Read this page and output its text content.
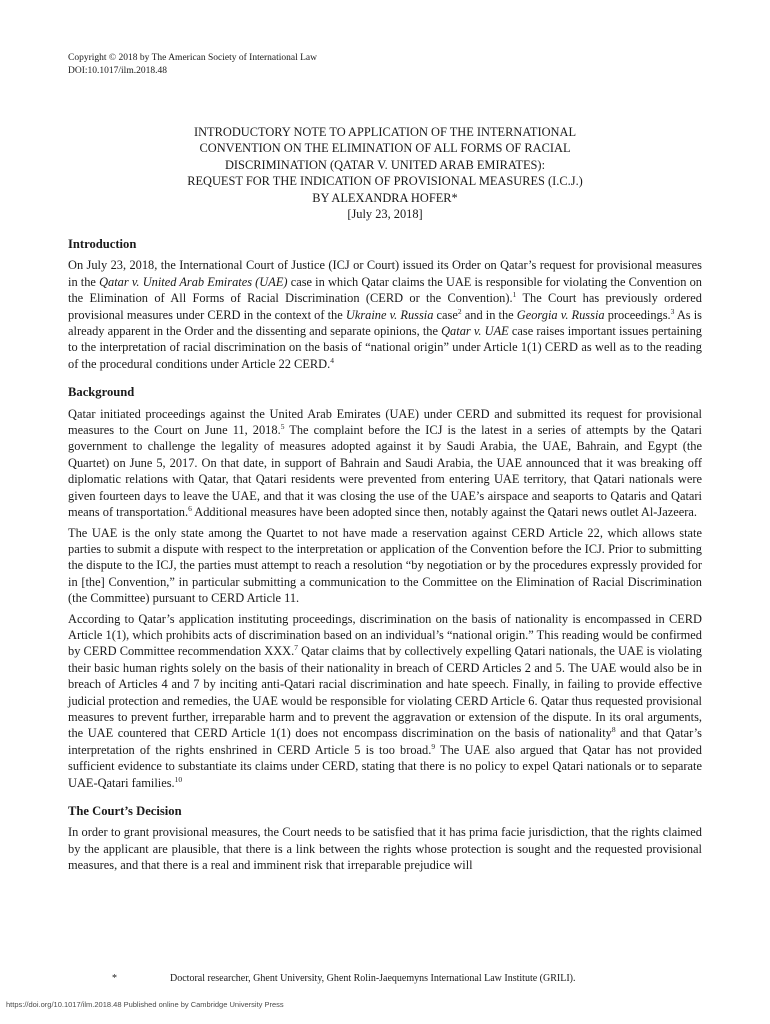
Copyright © 2018 by The American Society of International Law
DOI:10.1017/ilm.2018.48
INTRODUCTORY NOTE TO APPLICATION OF THE INTERNATIONAL
CONVENTION ON THE ELIMINATION OF ALL FORMS OF RACIAL
DISCRIMINATION (QATAR V. UNITED ARAB EMIRATES):
REQUEST FOR THE INDICATION OF PROVISIONAL MEASURES (I.C.J.)
BY ALEXANDRA HOFER*
[July 23, 2018]
Introduction
On July 23, 2018, the International Court of Justice (ICJ or Court) issued its Order on Qatar’s request for provisional measures in the Qatar v. United Arab Emirates (UAE) case in which Qatar claims the UAE is responsible for violating the Convention on the Elimination of All Forms of Racial Discrimination (CERD or the Convention).$^1$ The Court has previously ordered provisional measures under CERD in the context of the Ukraine v. Russia case$^2$ and in the Georgia v. Russia proceedings.$^3$ As is already apparent in the Order and the dissenting and separate opinions, the Qatar v. UAE case raises important issues pertaining to the interpretation of racial discrimination on the basis of “national origin” under Article 1(1) CERD as well as to the reading of the procedural conditions under Article 22 CERD.$^4$
Background
Qatar initiated proceedings against the United Arab Emirates (UAE) under CERD and submitted its request for provisional measures to the Court on June 11, 2018.$^5$ The complaint before the ICJ is the latest in a series of attempts by the Qatari government to challenge the legality of measures adopted against it by Saudi Arabia, the UAE, Bahrain, and Egypt (the Quartet) on June 5, 2017. On that date, in support of Bahrain and Saudi Arabia, the UAE announced that it was breaking off diplomatic relations with Qatar, that Qatari residents were prevented from entering UAE territory, that Qatari nationals were given fourteen days to leave the UAE, and that it was closing the use of the UAE’s airspace and seaports to Qataris and Qatari means of transportation.$^6$ Additional measures have been adopted since then, notably against the Qatari news outlet Al-Jazeera.
The UAE is the only state among the Quartet to not have made a reservation against CERD Article 22, which allows state parties to submit a dispute with respect to the interpretation or application of the Convention before the ICJ. Prior to submitting the dispute to the ICJ, the parties must attempt to reach a resolution “by negotiation or by the procedures expressly provided for in [the] Convention,” in particular submitting a communication to the Committee on the Elimination of Racial Discrimination (the Committee) pursuant to CERD Article 11.
According to Qatar’s application instituting proceedings, discrimination on the basis of nationality is encompassed in CERD Article 1(1), which prohibits acts of discrimination based on an individual’s “national origin.” This reading would be confirmed by CERD Committee recommendation XXX.$^7$ Qatar claims that by collectively expelling Qatari nationals, the UAE is violating their basic human rights solely on the basis of their nationality in breach of CERD Articles 2 and 5. The UAE would also be in breach of Articles 4 and 7 by inciting anti-Qatari racial discrimination and hate speech. Finally, in failing to provide effective judicial protection and remedies, the UAE would be responsible for violating CERD Article 6. Qatar thus requested provisional measures to prevent further, irreparable harm and to prevent the aggravation or extension of the dispute. In its oral arguments, the UAE countered that CERD Article 1(1) does not encompass discrimination on the basis of nationality$^8$ and that Qatar’s interpretation of the rights enshrined in CERD Article 5 is too broad.$^9$ The UAE also argued that Qatar has not provided sufficient evidence to substantiate its claims under CERD, stating that there is no policy to expel Qatari nationals or to separate UAE-Qatari families.$^{10}$
The Court’s Decision
In order to grant provisional measures, the Court needs to be satisfied that it has prima facie jurisdiction, that the rights claimed by the applicant are plausible, that there is a link between the rights whose protection is sought and the requested provisional measures, and that there is a real and imminent risk that irreparable prejudice will
*	Doctoral researcher, Ghent University, Ghent Rolin-Jaequemyns International Law Institute (GRILI).
https://doi.org/10.1017/ilm.2018.48 Published online by Cambridge University Press
